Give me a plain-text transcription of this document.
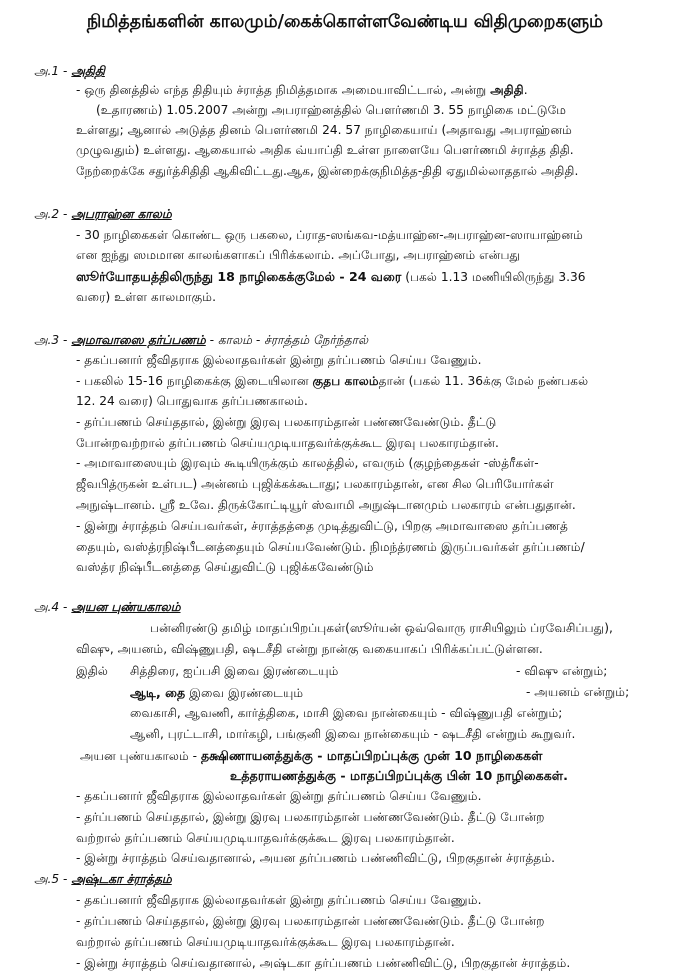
நிமித்தங்களின் காலமும்/கைக்கொள்ளவேண்டிய விதிமுறைகளும்
அ.1 - அதிதி
- ஒரு தினத்தில் எந்த திதியும் ச்ராத்த நிமித்தமாக அமையாவிட்டால், அன்று அதிதி.
(உதாரணம்) 1.05.2007 அன்று அபராஹ்னத்தில் பௌர்ணமி 3. 55 நாழிகை மட்டுமே
உள்ளது; ஆனால் அடுத்த தினம் பௌர்ணமி 24. 57 நாழிகையாய் (அதாவது அபராஹ்னம்
முழுவதும்) உள்ளது. ஆகையால் அதிக வ்யாப்தி உள்ள நாளையே பௌர்ணமி ச்ராத்த திதி.
நேற்றைக்கே சதுர்த்சிதிதி ஆகிவிட்டது.ஆக, இன்றைக்குநிமித்த-திதி ஏதுமில்லாததால் அதிதி.
அ.2 - அபராஹ்ன காலம்
- 30 நாழிகைகள் கொண்ட ஒரு பகலை, ப்ராத-ஸங்கவ-மத்யாஹ்ன-அபராஹ்ன-ஸாயாஹ்னம்
என ஐந்து ஸமமான காலங்களாகப் பிரிக்கலாம். அப்போது, அபராஹ்னம் என்பது
ஸூர்யோதயத்திலிருந்து 18 நாழிகைக்குமேல் - 24 வரை (பகல் 1.13 மணியிலிருந்து 3.36
வரை) உள்ள காலமாகும்.
அ.3 - அமாவாஸை தர்ப்பணம் - காலம் - ச்ராத்தம் நேர்ந்தால்
- தகப்பனார் ஜீவிதராக இல்லாதவர்கள் இன்று தர்ப்பணம் செய்ய வேணும்.
- பகலில் 15-16 நாழிகைக்கு இடையிலான குதப காலம்தான் (பகல் 11. 36க்கு மேல் நண்பகல்
12. 24 வரை) பொதுவாக தர்ப்பணகாலம்.
- தர்ப்பணம் செய்ததால், இன்று இரவு பலகாரம்தான் பண்ணவேண்டும். தீட்டு
போன்றவற்றால் தர்ப்பணம் செய்யமுடியாதவர்க்குக்கூட இரவு பலகாரம்தான்.
- அமாவாஸையும் இரவும் கூடியிருக்கும் காலத்தில், எவரும் (குழந்தைகள் -ஸ்த்ரீகள்-
ஜீவபித்ருகன் உள்பட) அன்னம் புஜிக்கக்கூடாது; பலகாரம்தான், என சில பெரியோர்கள்
அநுஷ்டானம். ஸ்ரீ உவே. திருக்கோட்டியூர் ஸ்வாமி அநுஷ்டானமும் பலகாரம் என்பதுதான்.
- இன்று ச்ராத்தம் செய்பவர்கள், ச்ராத்தத்தை முடித்துவிட்டு, பிறகு அமாவாஸை தர்ப்பணத்
தையும், வஸ்த்ரநிஷ்பீடனத்தையும் செய்யவேண்டும். நிமந்த்ரணம் இருப்பவர்கள் தர்ப்பணம்/
வஸ்த்ர நிஷ்பீடனத்தை செய்துவிட்டு புஜிக்கவேண்டும்
அ.4 - அயன புண்யகாலம்
பன்னிரண்டு தமிழ் மாதப்பிறப்புகள்(ஸூர்யன் ஒவ்வொரு ராசியிலும் ப்ரவேசிப்பது),
விஷு, அயனம், விஷ்ணுபதி, ஷடசீதி என்று நான்கு வகையாகப் பிரிக்கப்பட்டுள்ளன.
இதில் சித்திரை, ஐப்பசி இவை இரண்டையும்	- விஷு என்றும்;
ஆடி, தை இவை இரண்டையும்	- அயனம் என்றும்;
வைகாசி, ஆவணி, கார்த்திகை, மாசி இவை நான்கையும் - விஷ்ணுபதி என்றும்;
ஆனி, புரட்டாசி, மார்கழி, பங்குனி இவை நான்கையும் - ஷடசீதி என்றும் கூறுவர்.
அயன புண்யகாலம் - தக்ஷிணாயனத்துக்கு - மாதப்பிறப்புக்கு முன் 10 நாழிகைகள்
உத்தராயணத்துக்கு - மாதப்பிறப்புக்கு பின் 10 நாழிகைகள்.
- தகப்பனார் ஜீவிதராக இல்லாதவர்கள் இன்று தர்ப்பணம் செய்ய வேணும்.
- தர்ப்பணம் செய்ததால், இன்று இரவு பலகாரம்தான் பண்ணவேண்டும். தீட்டு போன்ற
வற்றால் தர்ப்பணம் செய்யமுடியாதவர்க்குக்கூட இரவு பலகாரம்தான்.
- இன்று ச்ராத்தம் செய்வதானால், அயன தர்ப்பணம் பண்ணிவிட்டு, பிறகுதான் ச்ராத்தம்.
அ.5 - அஷ்டகா ச்ராத்தம்
- தகப்பனார் ஜீவிதராக இல்லாதவர்கள் இன்று தர்ப்பணம் செய்ய வேணும்.
- தர்ப்பணம் செய்ததால், இன்று இரவு பலகாரம்தான் பண்ணவேண்டும். தீட்டு போன்ற
வற்றால் தர்ப்பணம் செய்யமுடியாதவர்க்குக்கூட இரவு பலகாரம்தான்.
- இன்று ச்ராத்தம் செய்வதானால், அஷ்டகா தர்ப்பணம் பண்ணிவிட்டு, பிறகுதான் ச்ராத்தம்.
